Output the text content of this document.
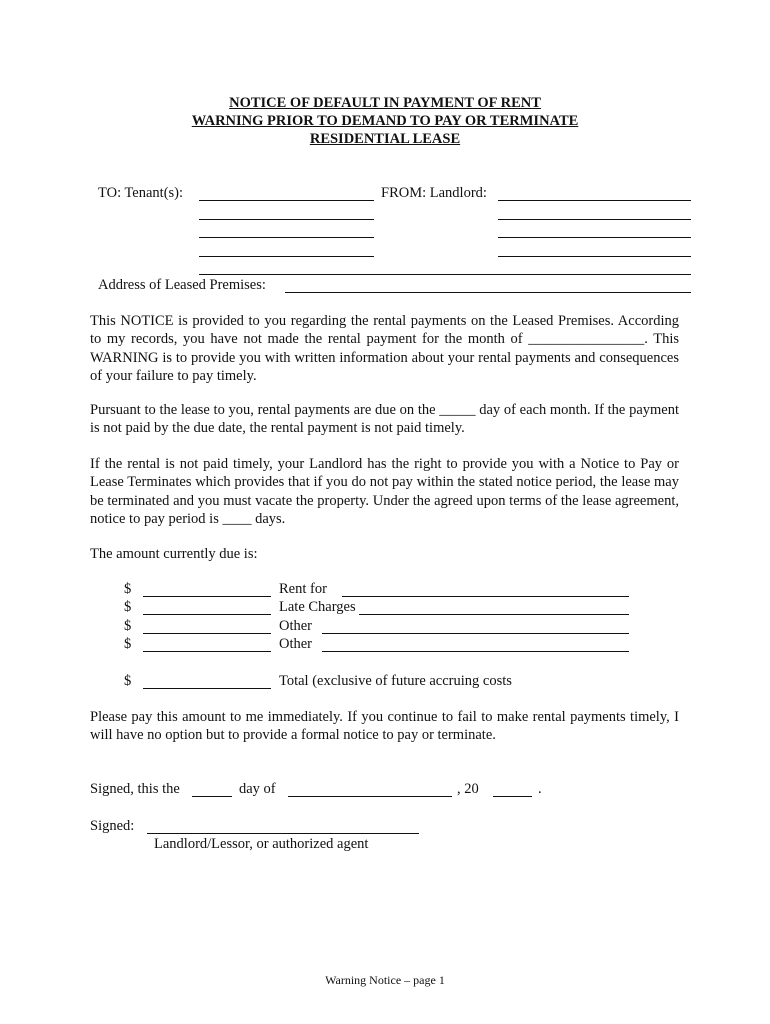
NOTICE OF DEFAULT IN PAYMENT OF RENT
WARNING PRIOR TO DEMAND TO PAY OR TERMINATE
RESIDENTIAL LEASE
TO: Tenant(s):	FROM: Landlord:
Address of Leased Premises:
This NOTICE is provided to you regarding the rental payments on the Leased Premises. According to my records, you have not made the rental payment for the month of ________________. This WARNING is to provide you with written information about your rental payments and consequences of your failure to pay timely.
Pursuant to the lease to you, rental payments are due on the _____ day of each month. If the payment is not paid by the due date, the rental payment is not paid timely.
If the rental is not paid timely, your Landlord has the right to provide you with a Notice to Pay or Lease Terminates which provides that if you do not pay within the stated notice period, the lease may be terminated and you must vacate the property. Under the agreed upon terms of the lease agreement, notice to pay period is ____ days.
The amount currently due is:
$	Rent for
$	Late Charges
$	Other
$	Other
$	Total (exclusive of future accruing costs
Please pay this amount to me immediately. If you continue to fail to make rental payments timely, I will have no option but to provide a formal notice to pay or terminate.
Signed, this the	day of	, 20	.
Signed:
Landlord/Lessor, or authorized agent
Warning Notice – page 1
